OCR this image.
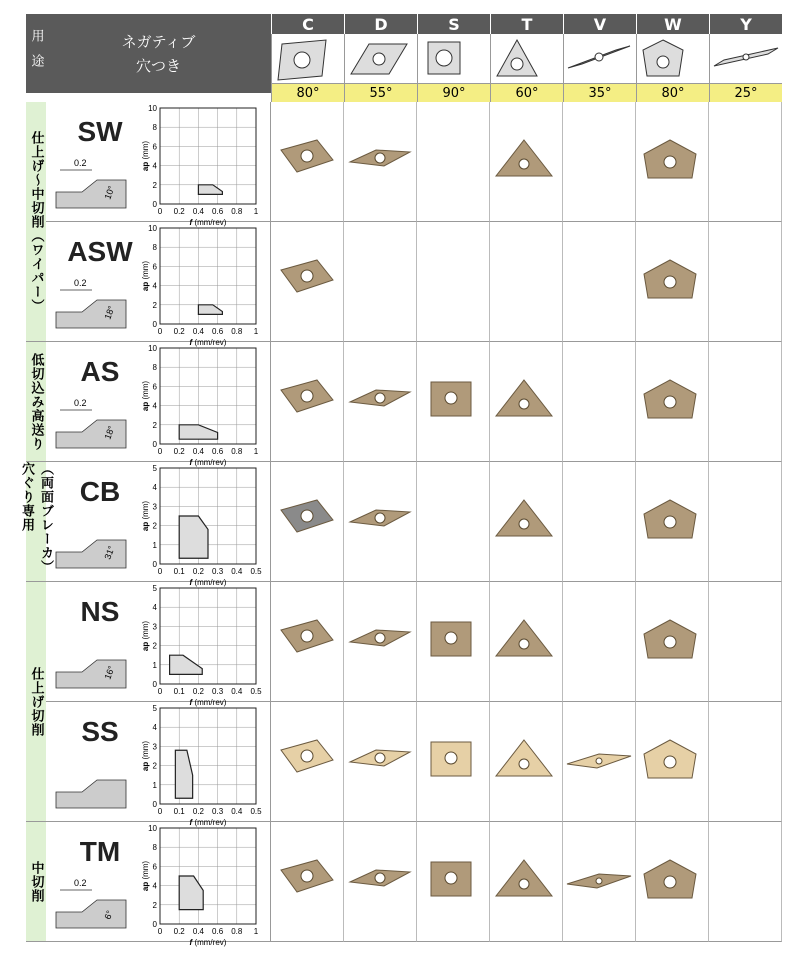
用途	ネガティブ
穴つき
C
80°
D
55°
S
90°
T
60°
V
35°
W
80°
Y
25°
仕上げ～中切削（ワイパー）
低切込み高送り
（両面ブレーカ）穴ぐり専用
仕上げ切削
中切削
SW
0.2
10°
10
8
6
4
2
0
0 0.2 0.4 0.6 0.8 1
f (mm/rev)
ap (mm)
ASW
0.2
18°
10
8
6
4
2
0
0 0.2 0.4 0.6 0.8 1
f (mm/rev)
ap (mm)
AS
0.2
18°
10
8
6
4
2
0
0 0.2 0.4 0.6 0.8 1
f (mm/rev)
ap (mm)
CB
31°
5
4
3
2
1
0
0 0.1 0.2 0.3 0.4 0.5
f (mm/rev)
ap (mm)
NS
16°
5
4
3
2
1
0
0 0.1 0.2 0.3 0.4 0.5
f (mm/rev)
ap (mm)
SS
5
4
3
2
1
0
0 0.1 0.2 0.3 0.4 0.5
f (mm/rev)
ap (mm)
TM
0.2
6°
10
8
6
4
2
0
0 0.2 0.4 0.6 0.8 1
f (mm/rev)
ap (mm)
